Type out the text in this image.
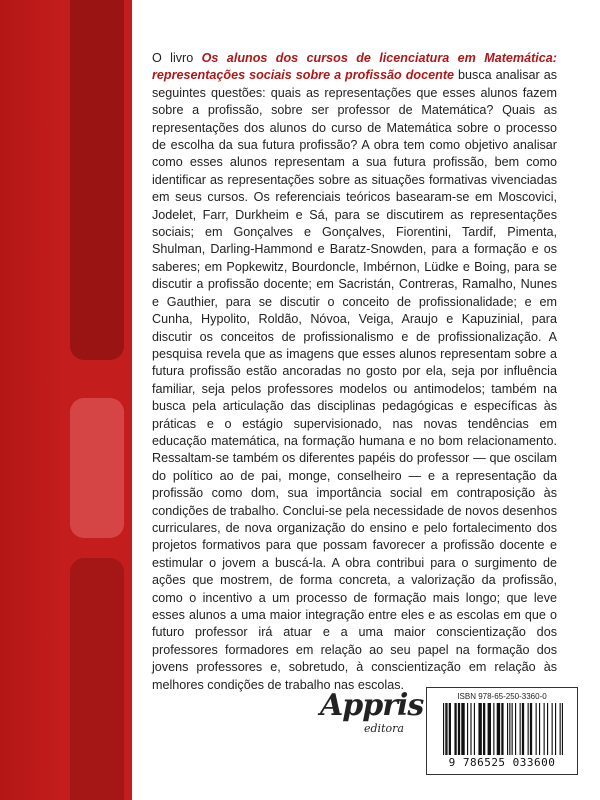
O livro Os alunos dos cursos de licenciatura em Matemática: representações sociais sobre a profissão docente busca analisar as seguintes questões: quais as representações que esses alunos fazem sobre a profissão, sobre ser professor de Matemática? Quais as representações dos alunos do curso de Matemática sobre o processo de escolha da sua futura profissão? A obra tem como objetivo analisar como esses alunos representam a sua futura profissão, bem como identificar as representações sobre as situações formativas vivenciadas em seus cursos. Os referenciais teóricos basearam-se em Moscovici, Jodelet, Farr, Durkheim e Sá, para se discutirem as representações sociais; em Gonçalves e Gonçalves, Fiorentini, Tardif, Pimenta, Shulman, Darling-Hammond e Baratz-Snowden, para a formação e os saberes; em Popkewitz, Bourdoncle, Imbérnon, Lüdke e Boing, para se discutir a profissão docente; em Sacristán, Contreras, Ramalho, Nunes e Gauthier, para se discutir o conceito de profissionalidade; e em Cunha, Hypolito, Roldão, Nóvoa, Veiga, Araujo e Kapuzinial, para discutir os conceitos de profissionalismo e de profissionalização. A pesquisa revela que as imagens que esses alunos representam sobre a futura profissão estão ancoradas no gosto por ela, seja por influência familiar, seja pelos professores modelos ou antimodelos; também na busca pela articulação das disciplinas pedagógicas e específicas às práticas e o estágio supervisionado, nas novas tendências em educação matemática, na formação humana e no bom relacionamento. Ressaltam-se também os diferentes papéis do professor — que oscilam do político ao de pai, monge, conselheiro — e a representação da profissão como dom, sua importância social em contraposição às condições de trabalho. Conclui-se pela necessidade de novos desenhos curriculares, de nova organização do ensino e pelo fortalecimento dos projetos formativos para que possam favorecer a profissão docente e estimular o jovem a buscá-la. A obra contribui para o surgimento de ações que mostrem, de forma concreta, a valorização da profissão, como o incentivo a um processo de formação mais longo; que leve esses alunos a uma maior integração entre eles e as escolas em que o futuro professor irá atuar e a uma maior conscientização dos professores formadores em relação ao seu papel na formação dos jovens professores e, sobretudo, à conscientização em relação às melhores condições de trabalho nas escolas.
Appris
editora
ISBN 978-65-250-3360-0
9 786525 033600
